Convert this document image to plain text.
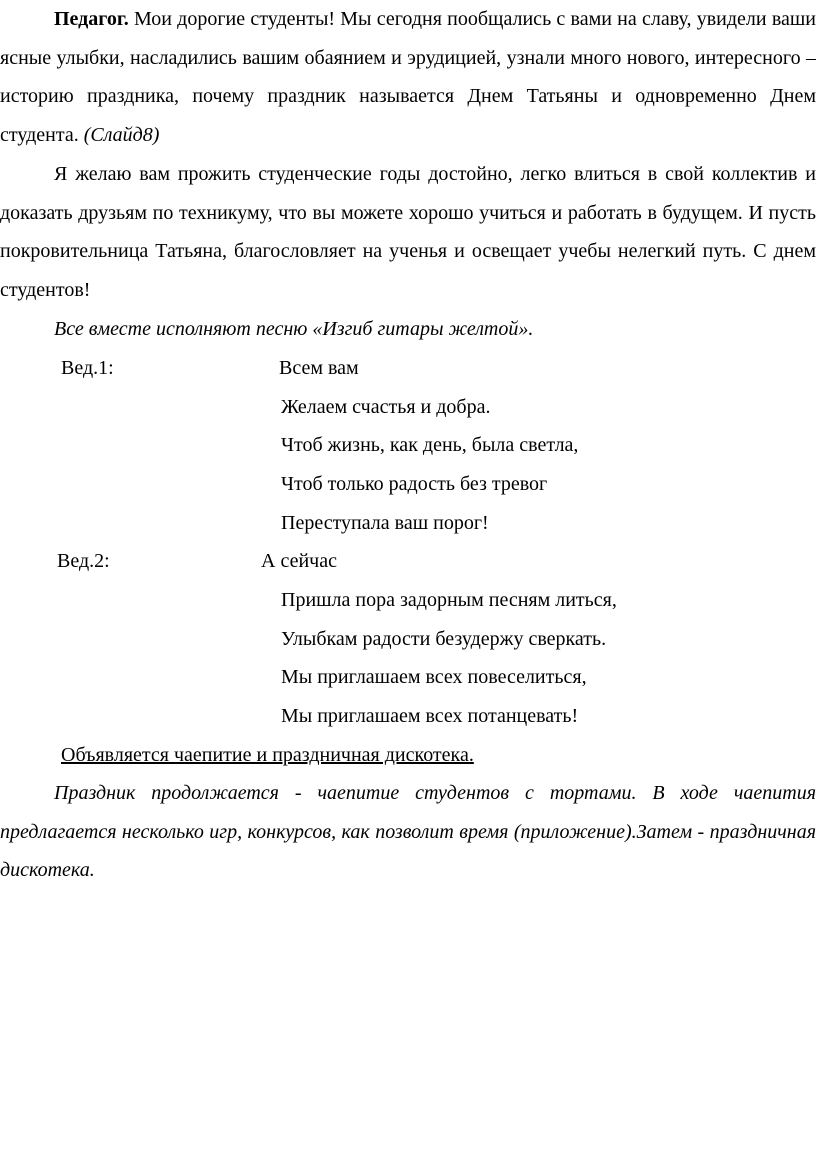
Педагог. Мои дорогие студенты! Мы сегодня пообщались с вами на славу, увидели ваши ясные улыбки, насладились вашим обаянием и эрудицией, узнали много нового, интересного – историю праздника, почему праздник называется Днем Татьяны и одновременно Днем студента. (Слайд8)

Я желаю вам прожить студенческие годы достойно, легко влиться в свой коллектив и доказать друзьям по техникуму, что вы можете хорошо учиться и работать в будущем. И пусть покровительница Татьяна, благословляет на ученья и освещает учебы нелегкий путь. С днем студентов!

Все вместе исполняют песню «Изгиб гитары желтой».
Вед.1:	Всем вам
Желаем счастья и добра.
Чтоб жизнь, как день, была светла,
Чтоб только радость без тревог
Переступала ваш порог!
Вед.2:	А сейчас
Пришла пора задорным песням литься,
Улыбкам радости безудержу сверкать.
Мы приглашаем всех повеселиться,
Мы приглашаем всех потанцевать!
Объявляется чаепитие и праздничная дискотека.

Праздник продолжается - чаепитие студентов с тортами. В ходе чаепития предлагается несколько игр, конкурсов, как позволит время (приложение).Затем - праздничная дискотека.
